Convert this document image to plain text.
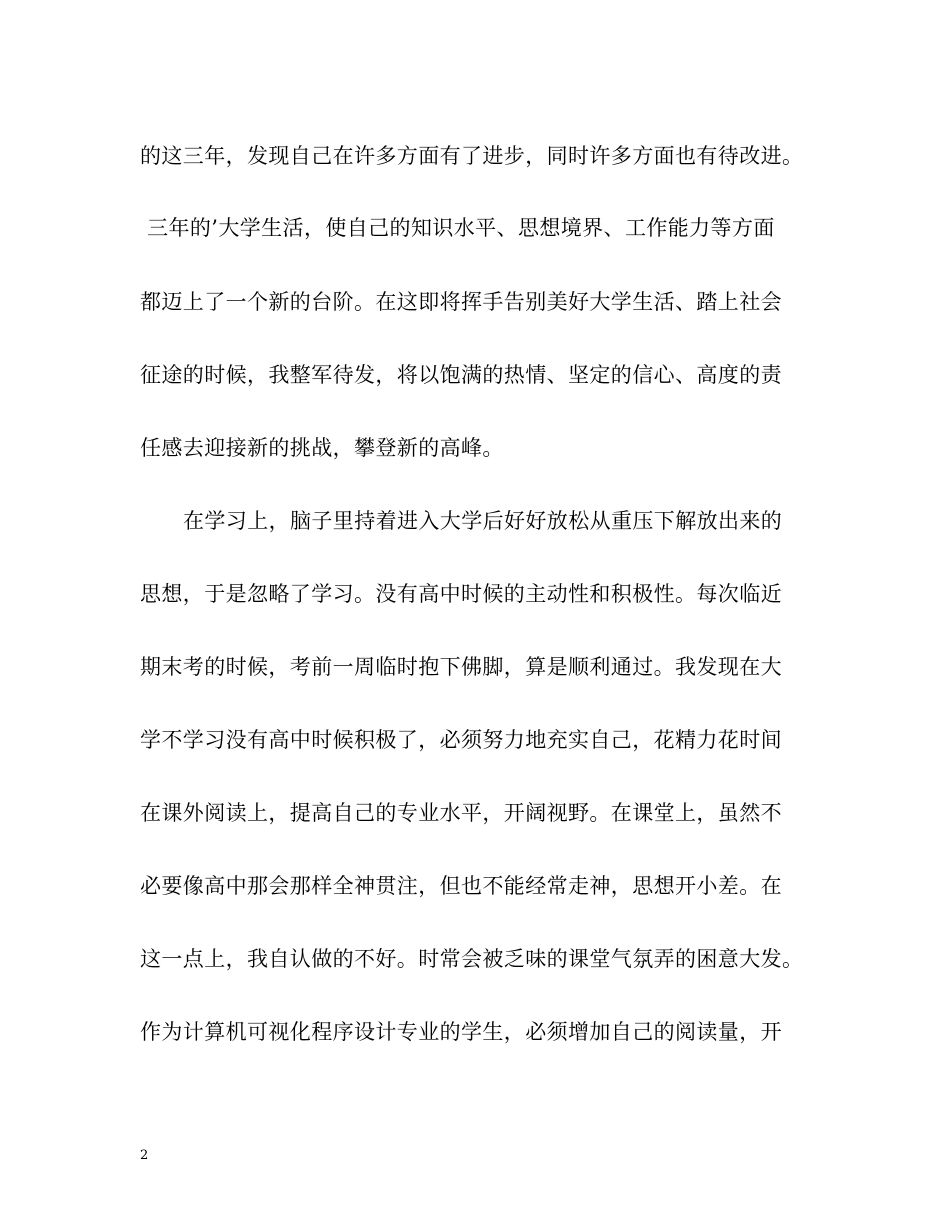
的这三年，发现自己在许多方面有了进步，同时许多方面也有待改进。
三年的’大学生活，使自己的知识水平、思想境界、工作能力等方面
都迈上了一个新的台阶。在这即将挥手告别美好大学生活、踏上社会
征途的时候，我整军待发，将以饱满的热情、坚定的信心、高度的责
任感去迎接新的挑战，攀登新的高峰。
在学习上，脑子里持着进入大学后好好放松从重压下解放出来的
思想，于是忽略了学习。没有高中时候的主动性和积极性。每次临近
期末考的时候，考前一周临时抱下佛脚，算是顺利通过。我发现在大
学不学习没有高中时候积极了，必须努力地充实自己，花精力花时间
在课外阅读上，提高自己的专业水平，开阔视野。在课堂上，虽然不
必要像高中那会那样全神贯注，但也不能经常走神，思想开小差。在
这一点上，我自认做的不好。时常会被乏味的课堂气氛弄的困意大发。
作为计算机可视化程序设计专业的学生，必须增加自己的阅读量，开
2
